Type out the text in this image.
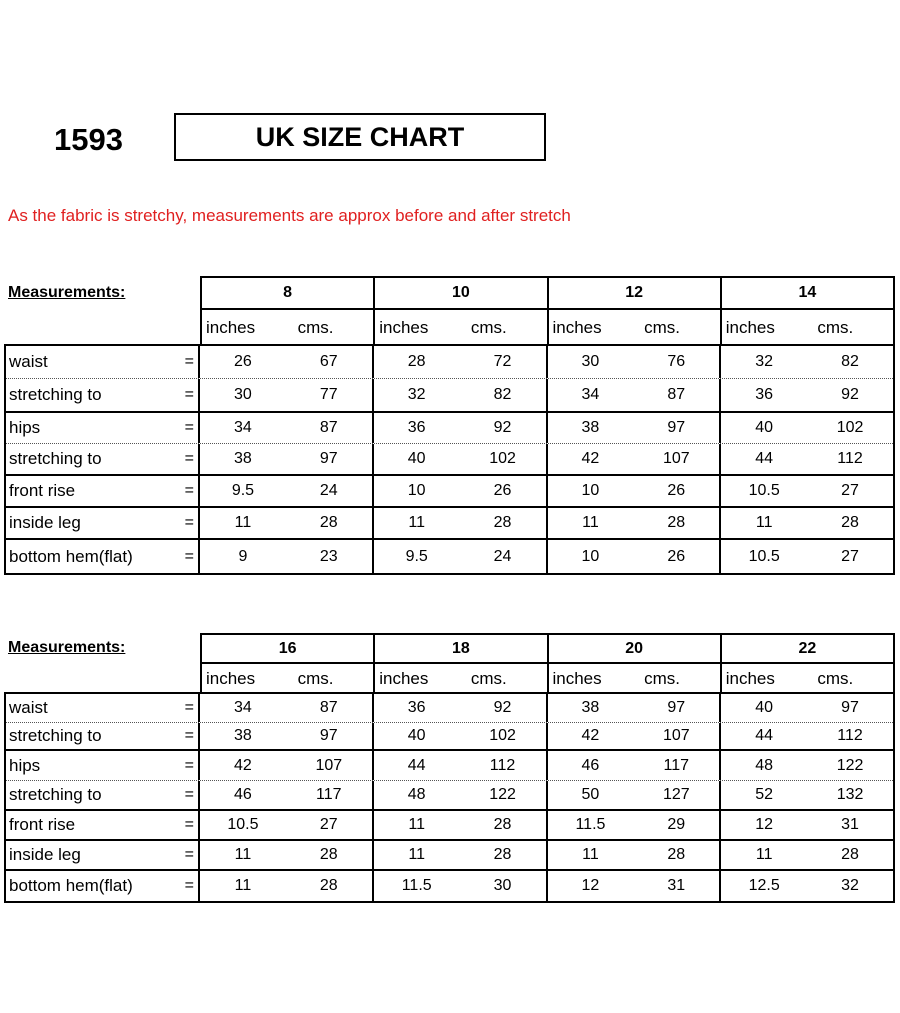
1593	UK SIZE CHART
As the fabric is stretchy, measurements are approx before and after stretch
Measurements:	8	10	12	14
inches	cms.	inches	cms.	inches	cms.	inches	cms.
waist	=	26	67	28	72	30	76	32	82
stretching to	=	30	77	32	82	34	87	36	92
hips	=	34	87	36	92	38	97	40	102
stretching to	=	38	97	40	102	42	107	44	112
front rise	=	9.5	24	10	26	10	26	10.5	27
inside leg	=	11	28	11	28	11	28	11	28
bottom hem(flat)	=	9	23	9.5	24	10	26	10.5	27
Measurements:	16	18	20	22
inches	cms.	inches	cms.	inches	cms.	inches	cms.
waist	=	34	87	36	92	38	97	40	97
stretching to	=	38	97	40	102	42	107	44	112
hips	=	42	107	44	112	46	117	48	122
stretching to	=	46	117	48	122	50	127	52	132
front rise	=	10.5	27	11	28	11.5	29	12	31
inside leg	=	11	28	11	28	11	28	11	28
bottom hem(flat)	=	11	28	11.5	30	12	31	12.5	32
